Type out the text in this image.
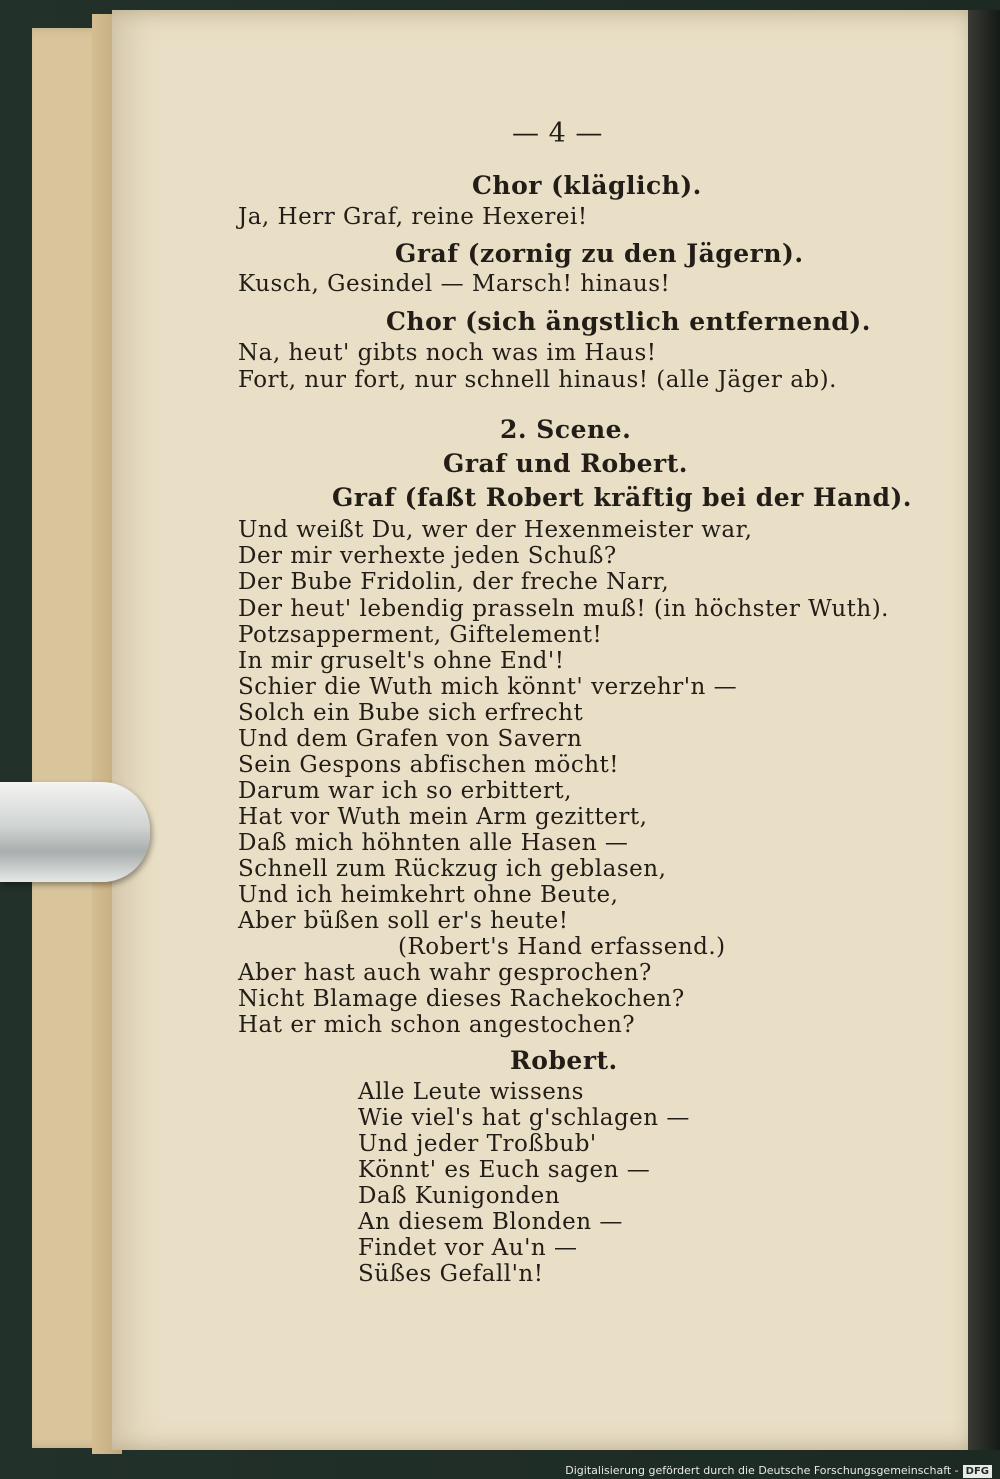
— 4 —
Chor (kläglich).
Ja, Herr Graf, reine Hexerei!
Graf (zornig zu den Jägern).
Kusch, Gesindel — Marsch! hinaus!
Chor (sich ängstlich entfernend).
Na, heut' gibts noch was im Haus!
Fort, nur fort, nur schnell hinaus! (alle Jäger ab).
2. Scene.
Graf und Robert.
Graf (faßt Robert kräftig bei der Hand).
Und weißt Du, wer der Hexenmeister war,
Der mir verhexte jeden Schuß?
Der Bube Fridolin, der freche Narr,
Der heut' lebendig prasseln muß! (in höchster Wuth).
Potzsapperment, Giftelement!
In mir gruselt's ohne End'!
Schier die Wuth mich könnt' verzehr'n —
Solch ein Bube sich erfrecht
Und dem Grafen von Savern
Sein Gespons abfischen möcht!
Darum war ich so erbittert,
Hat vor Wuth mein Arm gezittert,
Daß mich höhnten alle Hasen —
Schnell zum Rückzug ich geblasen,
Und ich heimkehrt ohne Beute,
Aber büßen soll er's heute!
(Robert's Hand erfassend.)
Aber hast auch wahr gesprochen?
Nicht Blamage dieses Rachekochen?
Hat er mich schon angestochen?
Robert.
Alle Leute wissens
Wie viel's hat g'schlagen —
Und jeder Troßbub'
Könnt' es Euch sagen —
Daß Kunigonden
An diesem Blonden —
Findet vor Au'n —
Süßes Gefall'n!
Digitalisierung gefördert durch die Deutsche Forschungsgemeinschaft - DFG
